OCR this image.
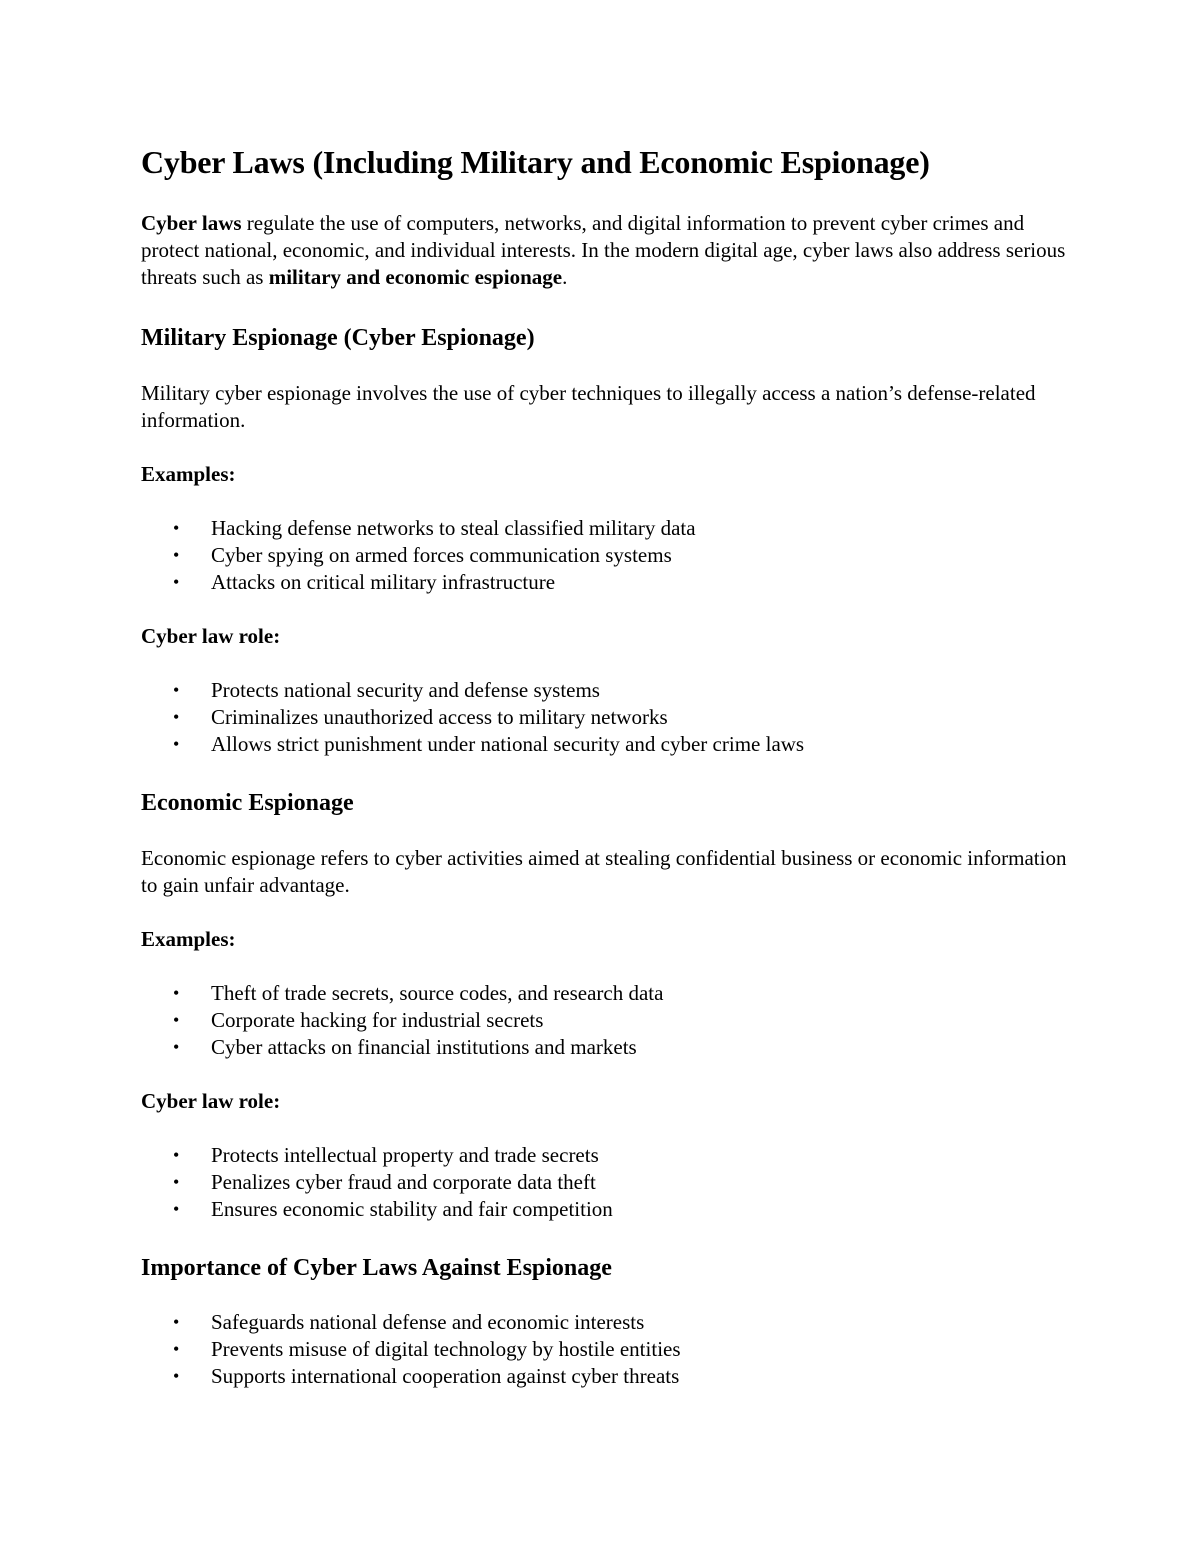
Cyber Laws (Including Military and Economic Espionage)

Cyber laws regulate the use of computers, networks, and digital information to prevent cyber crimes and protect national, economic, and individual interests. In the modern digital age, cyber laws also address serious threats such as military and economic espionage.

Military Espionage (Cyber Espionage)

Military cyber espionage involves the use of cyber techniques to illegally access a nation’s defense-related information.

Examples:

• Hacking defense networks to steal classified military data
• Cyber spying on armed forces communication systems
• Attacks on critical military infrastructure

Cyber law role:

• Protects national security and defense systems
• Criminalizes unauthorized access to military networks
• Allows strict punishment under national security and cyber crime laws
Economic Espionage

Economic espionage refers to cyber activities aimed at stealing confidential business or economic information to gain unfair advantage.

Examples:

• Theft of trade secrets, source codes, and research data
• Corporate hacking for industrial secrets
• Cyber attacks on financial institutions and markets

Cyber law role:

• Protects intellectual property and trade secrets
• Penalizes cyber fraud and corporate data theft
• Ensures economic stability and fair competition
Importance of Cyber Laws Against Espionage
• Safeguards national defense and economic interests
• Prevents misuse of digital technology by hostile entities
• Supports international cooperation against cyber threats
